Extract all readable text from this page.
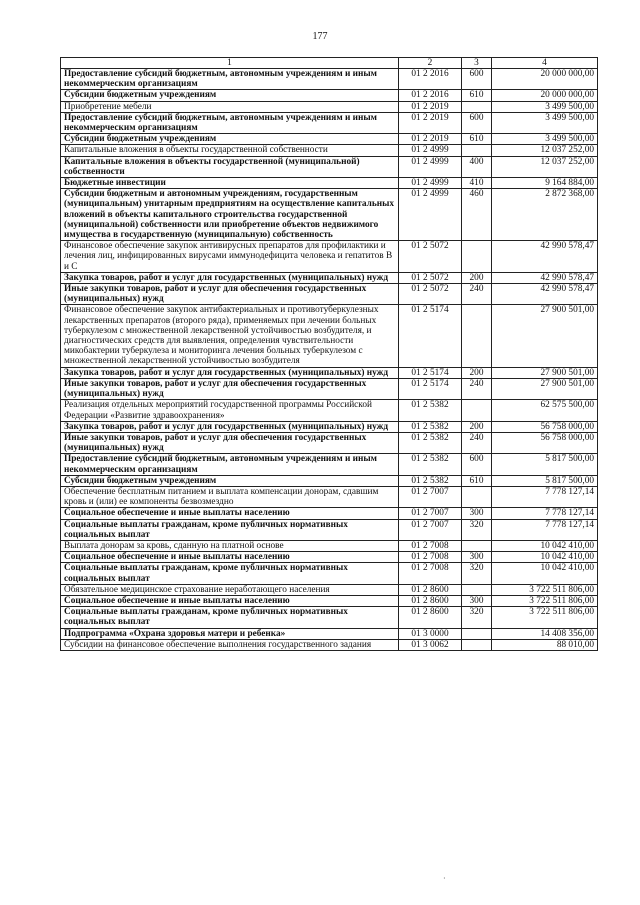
177
1	2	3	4
Предоставление субсидий бюджетным, автономным учреждениям и иным некоммерческим организациям	01 2 2016	600	20 000 000,00
Субсидии бюджетным учреждениям	01 2 2016	610	20 000 000,00
Приобретение мебели	01 2 2019		3 499 500,00
Предоставление субсидий бюджетным, автономным учреждениям и иным некоммерческим организациям	01 2 2019	600	3 499 500,00
Субсидии бюджетным учреждениям	01 2 2019	610	3 499 500,00
Капитальные вложения в объекты государственной собственности	01 2 4999		12 037 252,00
Капитальные вложения в объекты государственной (муниципальной) собственности	01 2 4999	400	12 037 252,00
Бюджетные инвестиции	01 2 4999	410	9 164 884,00
Субсидии бюджетным и автономным учреждениям, государственным (муниципальным) унитарным предприятиям на осуществление капитальных вложений в объекты капитального строительства государственной (муниципальной) собственности или приобретение объектов недвижимого имущества в государственную (муниципальную) собственность	01 2 4999	460	2 872 368,00
Финансовое обеспечение закупок антивирусных препаратов для профилактики и лечения лиц, инфицированных вирусами иммунодефицита человека и гепатитов В и С	01 2 5072		42 990 578,47
Закупка товаров, работ и услуг для государственных (муниципальных) нужд	01 2 5072	200	42 990 578,47
Иные закупки товаров, работ и услуг для обеспечения государственных (муниципальных) нужд	01 2 5072	240	42 990 578,47
Финансовое обеспечение закупок антибактериальных и противотуберкулезных лекарственных препаратов (второго ряда), применяемых при лечении больных туберкулезом с множественной лекарственной устойчивостью возбудителя, и диагностических средств для выявления, определения чувствительности микобактерии туберкулеза и мониторинга лечения больных туберкулезом с множественной лекарственной устойчивостью возбудителя	01 2 5174		27 900 501,00
Закупка товаров, работ и услуг для государственных (муниципальных) нужд	01 2 5174	200	27 900 501,00
Иные закупки товаров, работ и услуг для обеспечения государственных (муниципальных) нужд	01 2 5174	240	27 900 501,00
Реализация отдельных мероприятий государственной программы Российской Федерации «Развитие здравоохранения»	01 2 5382		62 575 500,00
Закупка товаров, работ и услуг для государственных (муниципальных) нужд	01 2 5382	200	56 758 000,00
Иные закупки товаров, работ и услуг для обеспечения государственных (муниципальных) нужд	01 2 5382	240	56 758 000,00
Предоставление субсидий бюджетным, автономным учреждениям и иным некоммерческим организациям	01 2 5382	600	5 817 500,00
Субсидии бюджетным учреждениям	01 2 5382	610	5 817 500,00
Обеспечение бесплатным питанием и выплата компенсации донорам, сдавшим кровь и (или) ее компоненты безвозмездно	01 2 7007		7 778 127,14
Социальное обеспечение и иные выплаты населению	01 2 7007	300	7 778 127,14
Социальные выплаты гражданам, кроме публичных нормативных социальных выплат	01 2 7007	320	7 778 127,14
Выплата донорам за кровь, сданную на платной основе	01 2 7008		10 042 410,00
Социальное обеспечение и иные выплаты населению	01 2 7008	300	10 042 410,00
Социальные выплаты гражданам, кроме публичных нормативных социальных выплат	01 2 7008	320	10 042 410,00
Обязательное медицинское страхование неработающего населения	01 2 8600		3 722 511 806,00
Социальное обеспечение и иные выплаты населению	01 2 8600	300	3 722 511 806,00
Социальные выплаты гражданам, кроме публичных нормативных социальных выплат	01 2 8600	320	3 722 511 806,00
Подпрограмма «Охрана здоровья матери и ребенка»	01 3 0000		14 408 356,00
Субсидии на финансовое обеспечение выполнения государственного задания	01 3 0062		88 010,00
·
